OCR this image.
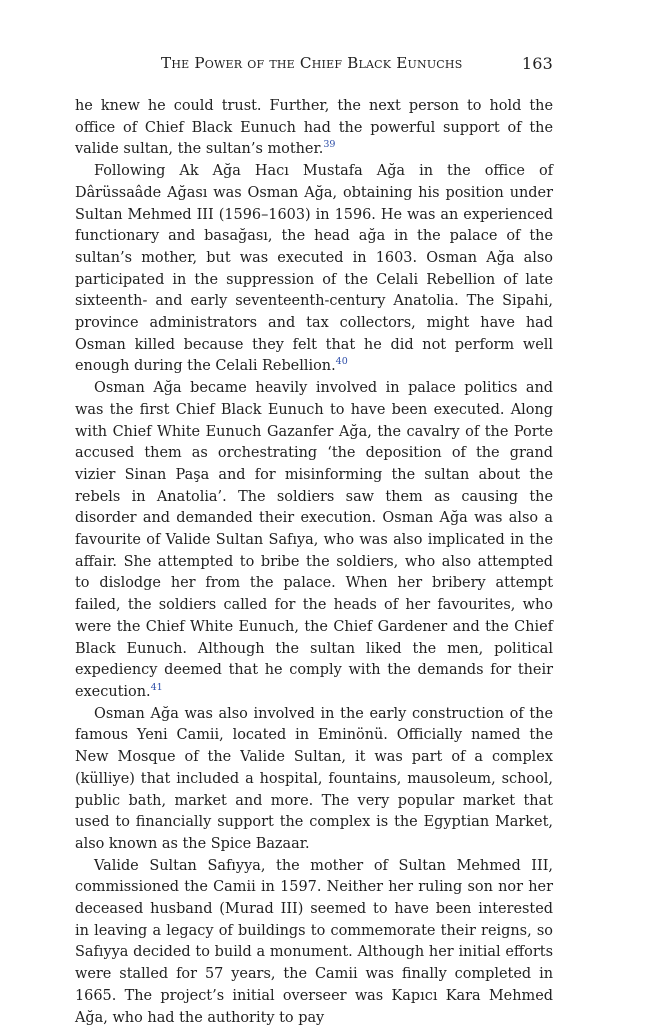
The Power of the Chief Black Eunuchs	163

he knew he could trust. Further, the next person to hold the office of Chief Black Eunuch had the powerful support of the valide sultan, the sultan’s mother.$^{39}$

Following Ak Ağa Hacı Mustafa Ağa in the office of Dârüssaâde Ağası was Osman Ağa, obtaining his position under Sultan Mehmed III (1596–1603) in 1596. He was an experienced functionary and basağası, the head ağa in the palace of the sultan’s mother, but was executed in 1603. Osman Ağa also participated in the suppression of the Celali Rebellion of late sixteenth- and early seventeenth-century Anatolia. The Sipahi, province administrators and tax collectors, might have had Osman killed because they felt that he did not perform well enough during the Celali Rebellion.$^{40}$

Osman Ağa became heavily involved in palace politics and was the first Chief Black Eunuch to have been executed. Along with Chief White Eunuch Gazanfer Ağa, the cavalry of the Porte accused them as orchestrating ‘the deposition of the grand vizier Sinan Paşa and for misinforming the sultan about the rebels in Anatolia’. The soldiers saw them as causing the disorder and demanded their execution. Osman Ağa was also a favourite of Valide Sultan Safıya, who was also implicated in the affair. She attempted to bribe the soldiers, who also attempted to dislodge her from the palace. When her bribery attempt failed, the soldiers called for the heads of her favourites, who were the Chief White Eunuch, the Chief Gardener and the Chief Black Eunuch. Although the sultan liked the men, political expediency deemed that he comply with the demands for their execution.$^{41}$

Osman Ağa was also involved in the early construction of the famous Yeni Camii, located in Eminönü. Officially named the New Mosque of the Valide Sultan, it was part of a complex (külliye) that included a hospital, fountains, mausoleum, school, public bath, market and more. The very popular market that used to financially support the complex is the Egyptian Market, also known as the Spice Bazaar.

Valide Sultan Safıyya, the mother of Sultan Mehmed III, commissioned the Camii in 1597. Neither her ruling son nor her deceased husband (Murad III) seemed to have been interested in leaving a legacy of buildings to commemorate their reigns, so Safıyya decided to build a monument. Although her initial efforts were stalled for 57 years, the Camii was finally completed in 1665. The project’s initial overseer was Kapıcı Kara Mehmed Ağa, who had the authority to pay
